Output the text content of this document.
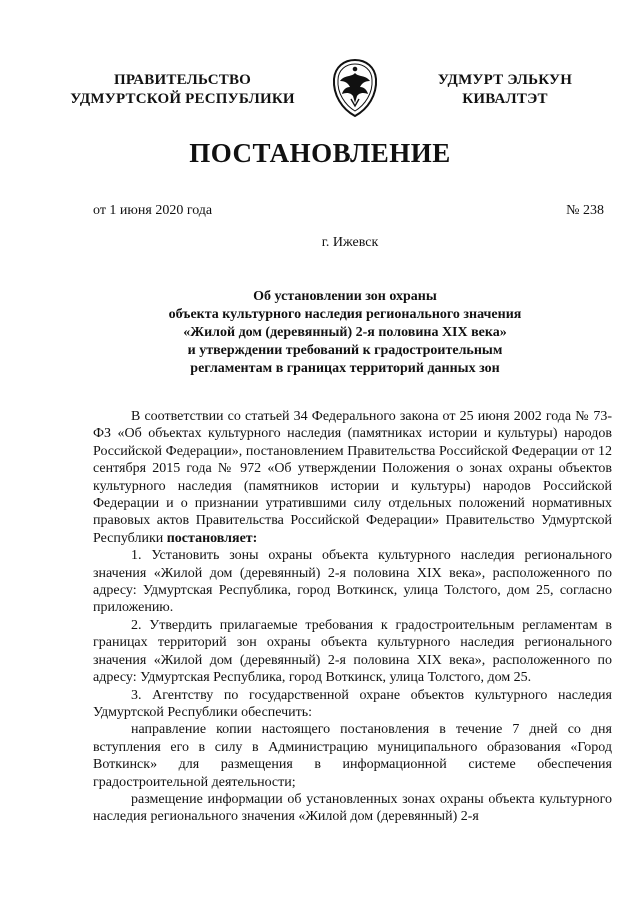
ПРАВИТЕЛЬСТВО
УДМУРТСКОЙ РЕСПУБЛИКИ
УДМУРТ ЭЛЬКУН
КИВАЛТЭТ
ПОСТАНОВЛЕНИЕ
от 1 июня 2020 года	№ 238
г. Ижевск
Об установлении зон охраны
объекта культурного наследия регионального значения
«Жилой дом (деревянный) 2-я половина XIX века»
и утверждении требований к градостроительным
регламентам в границах территорий данных зон

В соответствии со статьей 34 Федерального закона от 25 июня 2002 года № 73-ФЗ «Об объектах культурного наследия (памятниках истории и культуры) народов Российской Федерации», постановлением Правительства Российской Федерации от 12 сентября 2015 года № 972 «Об утверждении Положения о зонах охраны объектов культурного наследия (памятников истории и культуры) народов Российской Федерации и о признании утратившими силу отдельных положений нормативных правовых актов Правительства Российской Федерации» Правительство Удмуртской Республики постановляет:

1. Установить зоны охраны объекта культурного наследия регионального значения «Жилой дом (деревянный) 2-я половина XIX века», расположенного по адресу: Удмуртская Республика, город Воткинск, улица Толстого, дом 25, согласно приложению.

2. Утвердить прилагаемые требования к градостроительным регламентам в границах территорий зон охраны объекта культурного наследия регионального значения «Жилой дом (деревянный) 2-я половина XIX века», расположенного по адресу: Удмуртская Республика, город Воткинск, улица Толстого, дом 25.

3. Агентству по государственной охране объектов культурного наследия Удмуртской Республики обеспечить:

направление копии настоящего постановления в течение 7 дней со дня вступления его в силу в Администрацию муниципального образования «Город Воткинск» для размещения в информационной системе обеспечения градостроительной деятельности;

размещение информации об установленных зонах охраны объекта культурного наследия регионального значения «Жилой дом (деревянный) 2-я
